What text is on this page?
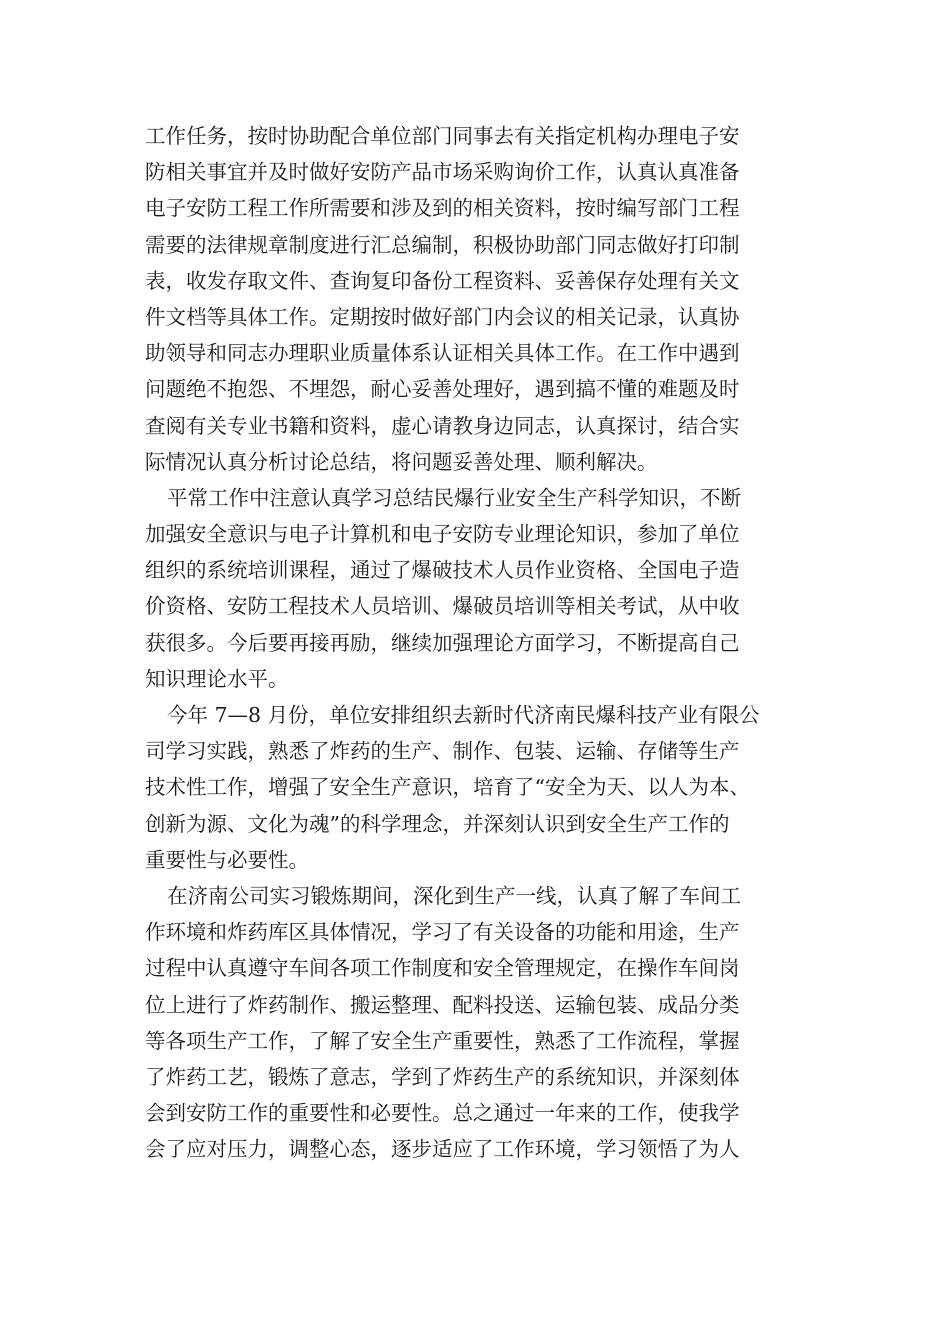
工作任务，按时协助配合单位部门同事去有关指定机构办理电子安
防相关事宜并及时做好安防产品市场采购询价工作，认真认真准备
电子安防工程工作所需要和涉及到的相关资料，按时编写部门工程
需要的法律规章制度进行汇总编制，积极协助部门同志做好打印制
表，收发存取文件、查询复印备份工程资料、妥善保存处理有关文
件文档等具体工作。定期按时做好部门内会议的相关记录，认真协
助领导和同志办理职业质量体系认证相关具体工作。在工作中遇到
问题绝不抱怨、不埋怨，耐心妥善处理好，遇到搞不懂的难题及时
查阅有关专业书籍和资料，虚心请教身边同志，认真探讨，结合实
际情况认真分析讨论总结，将问题妥善处理、顺利解决。
平常工作中注意认真学习总结民爆行业安全生产科学知识，不断
加强安全意识与电子计算机和电子安防专业理论知识，参加了单位
组织的系统培训课程，通过了爆破技术人员作业资格、全国电子造
价资格、安防工程技术人员培训、爆破员培训等相关考试，从中收
获很多。今后要再接再励，继续加强理论方面学习，不断提高自己
知识理论水平。
今年 7—8 月份，单位安排组织去新时代济南民爆科技产业有限公
司学习实践，熟悉了炸药的生产、制作、包装、运输、存储等生产
技术性工作，增强了安全生产意识，培育了“安全为天、以人为本、
创新为源、文化为魂”的科学理念，并深刻认识到安全生产工作的
重要性与必要性。
在济南公司实习锻炼期间，深化到生产一线，认真了解了车间工
作环境和炸药库区具体情况，学习了有关设备的功能和用途，生产
过程中认真遵守车间各项工作制度和安全管理规定，在操作车间岗
位上进行了炸药制作、搬运整理、配料投送、运输包装、成品分类
等各项生产工作，了解了安全生产重要性，熟悉了工作流程，掌握
了炸药工艺，锻炼了意志，学到了炸药生产的系统知识，并深刻体
会到安防工作的重要性和必要性。总之通过一年来的工作，使我学
会了应对压力，调整心态，逐步适应了工作环境，学习领悟了为人
